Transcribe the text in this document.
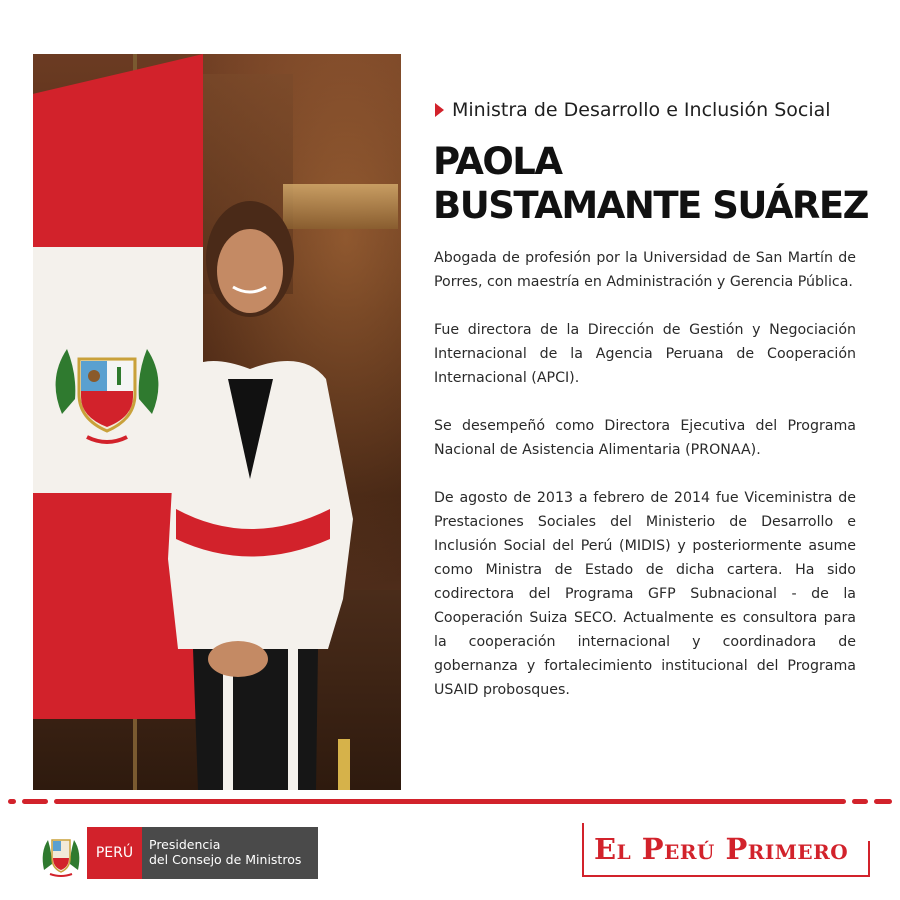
Ministra de Desarrollo e Inclusión Social
PAOLA
BUSTAMANTE SUÁREZ

Abogada de profesión por la Universidad de San Martín de Porres, con maestría en Administración y Gerencia Pública.

Fue directora de la Dirección de Gestión y Negociación Internacional de la Agencia Peruana de Cooperación Internacional (APCI).

Se desempeñó como Directora Ejecutiva del Programa Nacional de Asistencia Alimentaria (PRONAA).

De agosto de 2013 a febrero de 2014 fue Viceministra de Prestaciones Sociales del Ministerio de Desarrollo e Inclusión Social del Perú (MIDIS) y posteriormente asume como Ministra de Estado de dicha cartera. Ha sido codirectora del Programa GFP Subnacional - de la Cooperación Suiza SECO. Actualmente es consultora para la cooperación internacional y coordinadora de gobernanza y fortalecimiento institucional del Programa USAID probosques.

PERÚ
Presidencia
del Consejo de Ministros	El Perú Primero
